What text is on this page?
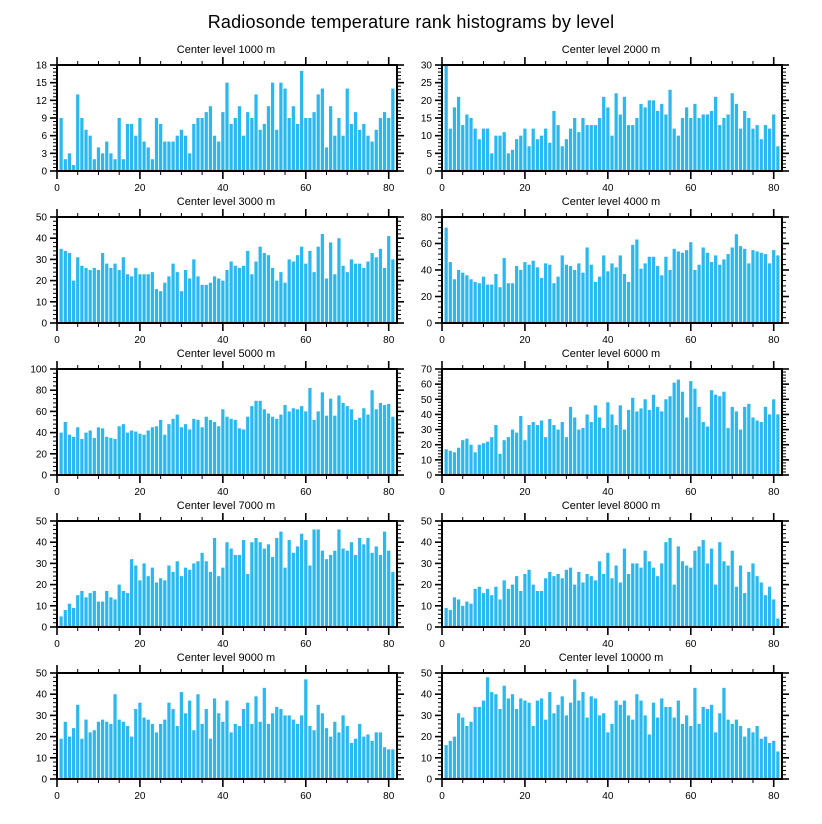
Radiosonde temperature rank histograms by level
Center level 1000 m
0
3
6
9
12
15
18
0	20	40	60	80
Center level 2000 m
0
5
10
15
20
25
30
0	20	40	60	80
Center level 3000 m
0
10
20
30
40
50
0	20	40	60	80
Center level 4000 m
0
20
40
60
80
0	20	40	60	80
Center level 5000 m
0
20
40
60
80
100
0	20	40	60	80
Center level 6000 m
0
10
20
30
40
50
60
70
0	20	40	60	80
Center level 7000 m
0
10
20
30
40
50
0	20	40	60	80
Center level 8000 m
0
10
20
30
40
50
0	20	40	60	80
Center level 9000 m
0
10
20
30
40
50
0	20	40	60	80
Center level 10000 m
0
10
20
30
40
50
0	20	40	60	80
